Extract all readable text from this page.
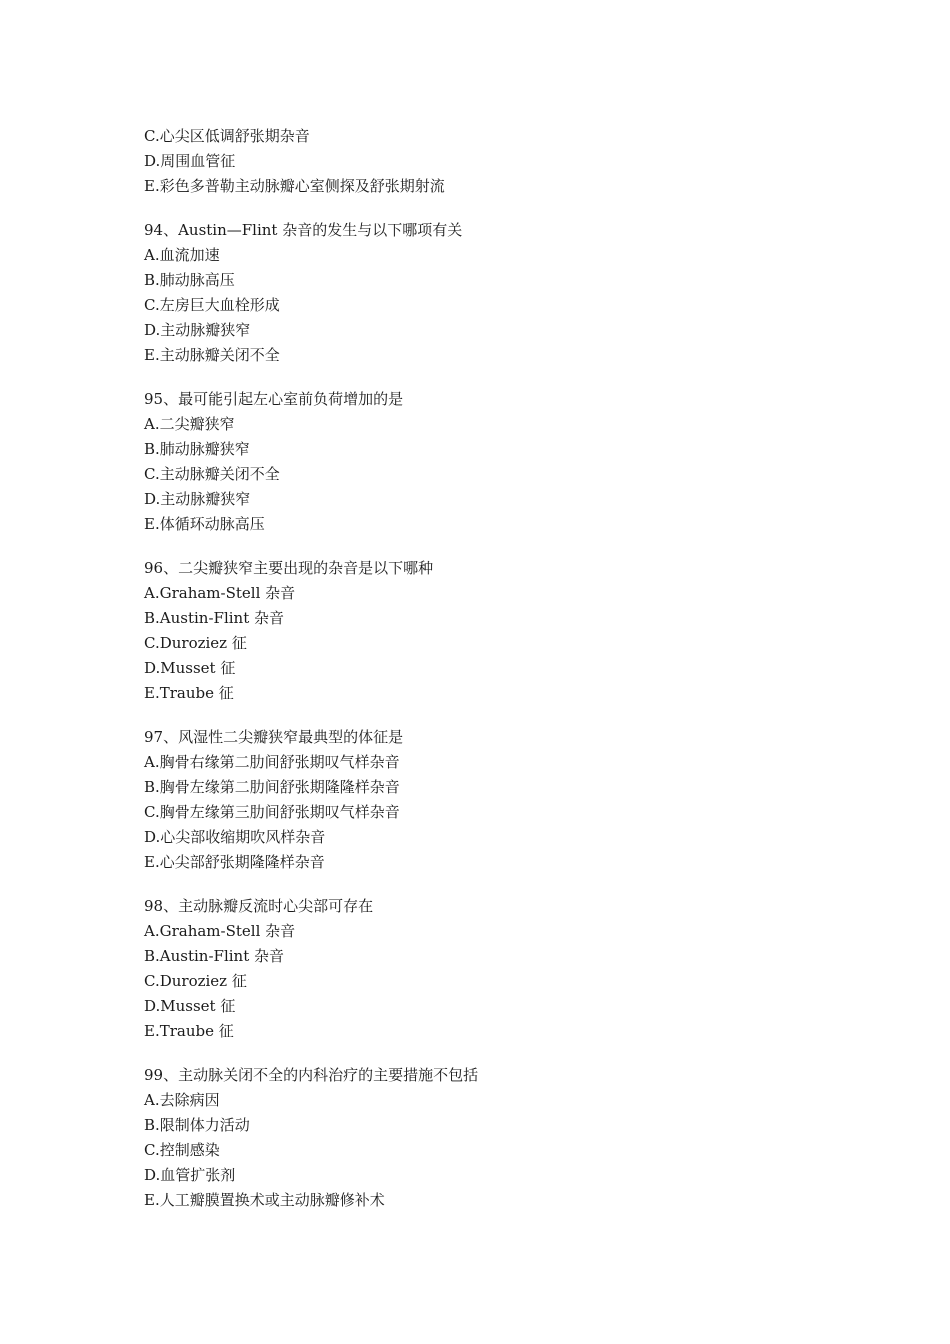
C.心尖区低调舒张期杂音
D.周围血管征
E.彩色多普勒主动脉瓣心室侧探及舒张期射流
94、Austin—Flint 杂音的发生与以下哪项有关
A.血流加速
B.肺动脉高压
C.左房巨大血栓形成
D.主动脉瓣狭窄
E.主动脉瓣关闭不全
95、最可能引起左心室前负荷增加的是
A.二尖瓣狭窄
B.肺动脉瓣狭窄
C.主动脉瓣关闭不全
D.主动脉瓣狭窄
E.体循环动脉高压
96、二尖瓣狭窄主要出现的杂音是以下哪种
A.Graham-Stell 杂音
B.Austin-Flint 杂音
C.Duroziez 征
D.Musset 征
E.Traube 征
97、风湿性二尖瓣狭窄最典型的体征是
A.胸骨右缘第二肋间舒张期叹气样杂音
B.胸骨左缘第二肋间舒张期隆隆样杂音
C.胸骨左缘第三肋间舒张期叹气样杂音
D.心尖部收缩期吹风样杂音
E.心尖部舒张期隆隆样杂音
98、主动脉瓣反流时心尖部可存在
A.Graham-Stell 杂音
B.Austin-Flint 杂音
C.Duroziez 征
D.Musset 征
E.Traube 征
99、主动脉关闭不全的内科治疗的主要措施不包括
A.去除病因
B.限制体力活动
C.控制感染
D.血管扩张剂
E.人工瓣膜置换术或主动脉瓣修补术
